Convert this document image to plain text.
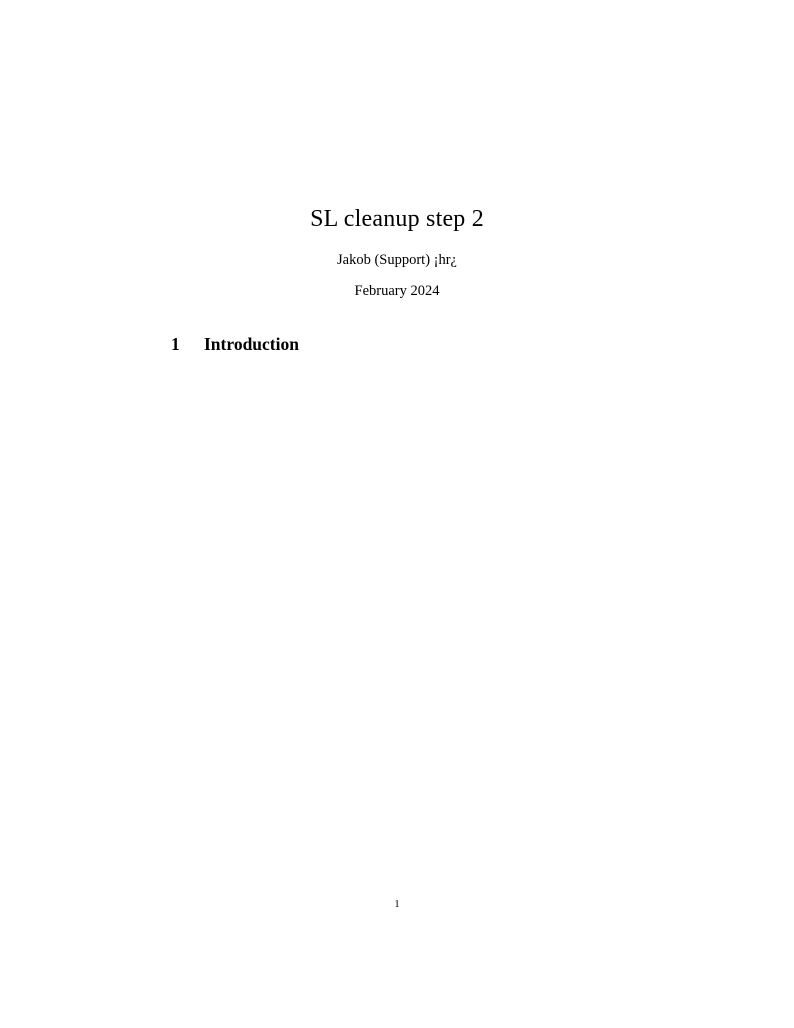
SL cleanup step 2
Jakob (Support) ¡hr¿
February 2024
1 Introduction
1
